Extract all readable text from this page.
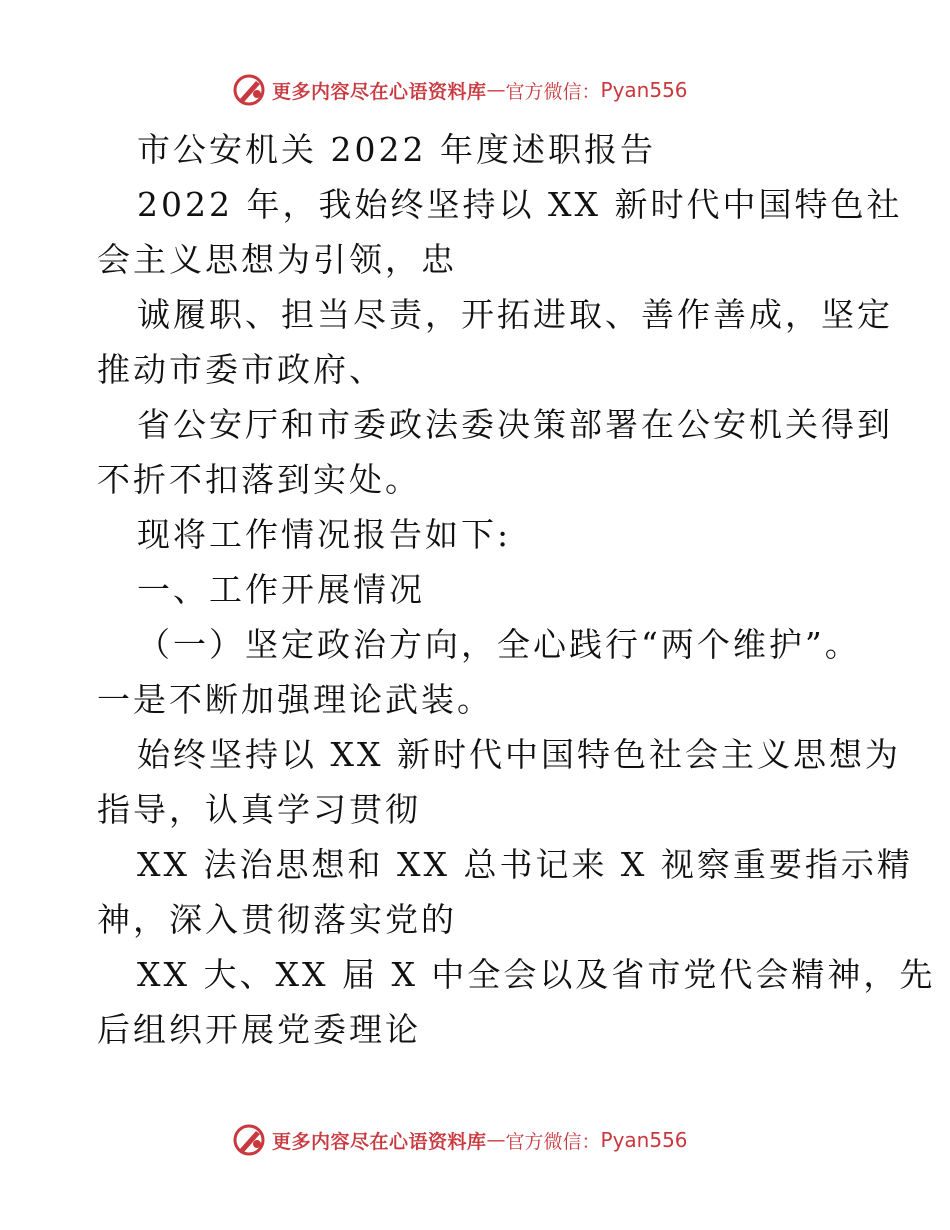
更多内容尽在心语资料库 — 官方微信： Pyan556
市公安机关 2022 年度述职报告
2022 年，我始终坚持以 XX 新时代中国特色社
会主义思想为引领，忠
诚履职、担当尽责，开拓进取、善作善成，坚定
推动市委市政府、
省公安厅和市委政法委决策部署在公安机关得到
不折不扣落到实处。
现将工作情况报告如下:
一、工作开展情况
（一）坚定政治方向，全心践行“两个维护”。
一是不断加强理论武装。
始终坚持以 XX 新时代中国特色社会主义思想为
指导，认真学习贯彻
XX 法治思想和 XX 总书记来 X 视察重要指示精
神，深入贯彻落实党的
XX 大、XX 届 X 中全会以及省市党代会精神，先
后组织开展党委理论
更多内容尽在心语资料库 — 官方微信： Pyan556
